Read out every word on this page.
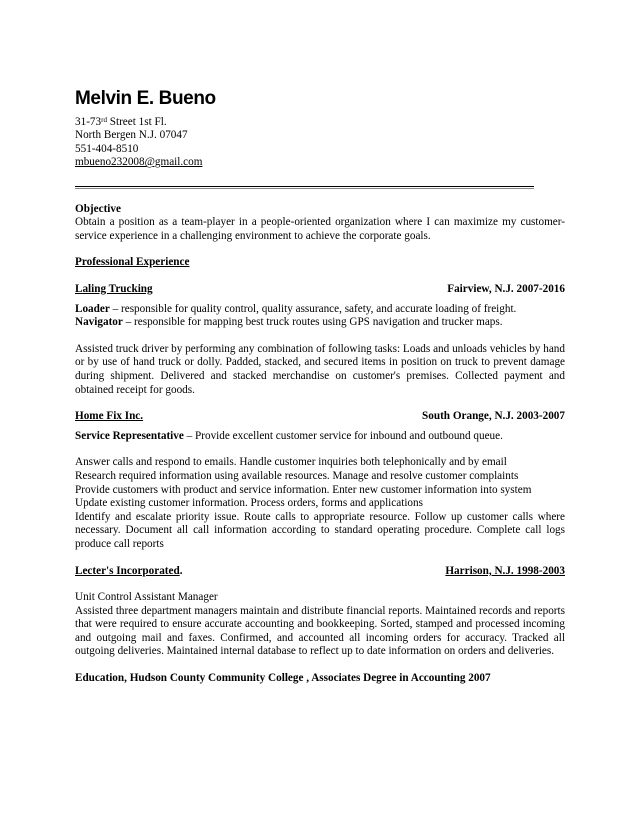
Melvin E. Bueno
31-73rd Street 1st Fl.
North Bergen N.J. 07047
551-404-8510
mbueno232008@gmail.com
Objective
Obtain a position as a team-player in a people-oriented organization where I can maximize my customer-service experience in a challenging environment to achieve the corporate goals.
Professional Experience
Laling Trucking	Fairview, N.J. 2007-2016
Loader – responsible for quality control, quality assurance, safety, and accurate loading of freight.
Navigator – responsible for mapping best truck routes using GPS navigation and trucker maps.
Assisted truck driver by performing any combination of following tasks: Loads and unloads vehicles by hand or by use of hand truck or dolly. Padded, stacked, and secured items in position on truck to prevent damage during shipment. Delivered and stacked merchandise on customer's premises. Collected payment and obtained receipt for goods.
Home Fix Inc.	South Orange, N.J. 2003-2007
Service Representative – Provide excellent customer service for inbound and outbound queue.
Answer calls and respond to emails. Handle customer inquiries both telephonically and by email
Research required information using available resources. Manage and resolve customer complaints
Provide customers with product and service information. Enter new customer information into system
Update existing customer information. Process orders, forms and applications
Identify and escalate priority issue. Route calls to appropriate resource. Follow up customer calls where necessary. Document all call information according to standard operating procedure. Complete call logs produce call reports
Lecter's Incorporated.	Harrison, N.J. 1998-2003
Unit Control Assistant Manager
Assisted three department managers maintain and distribute financial reports. Maintained records and reports that were required to ensure accurate accounting and bookkeeping. Sorted, stamped and processed incoming and outgoing mail and faxes. Confirmed, and accounted all incoming orders for accuracy. Tracked all outgoing deliveries. Maintained internal database to reflect up to date information on orders and deliveries.
Education, Hudson County Community College , Associates Degree in Accounting 2007
